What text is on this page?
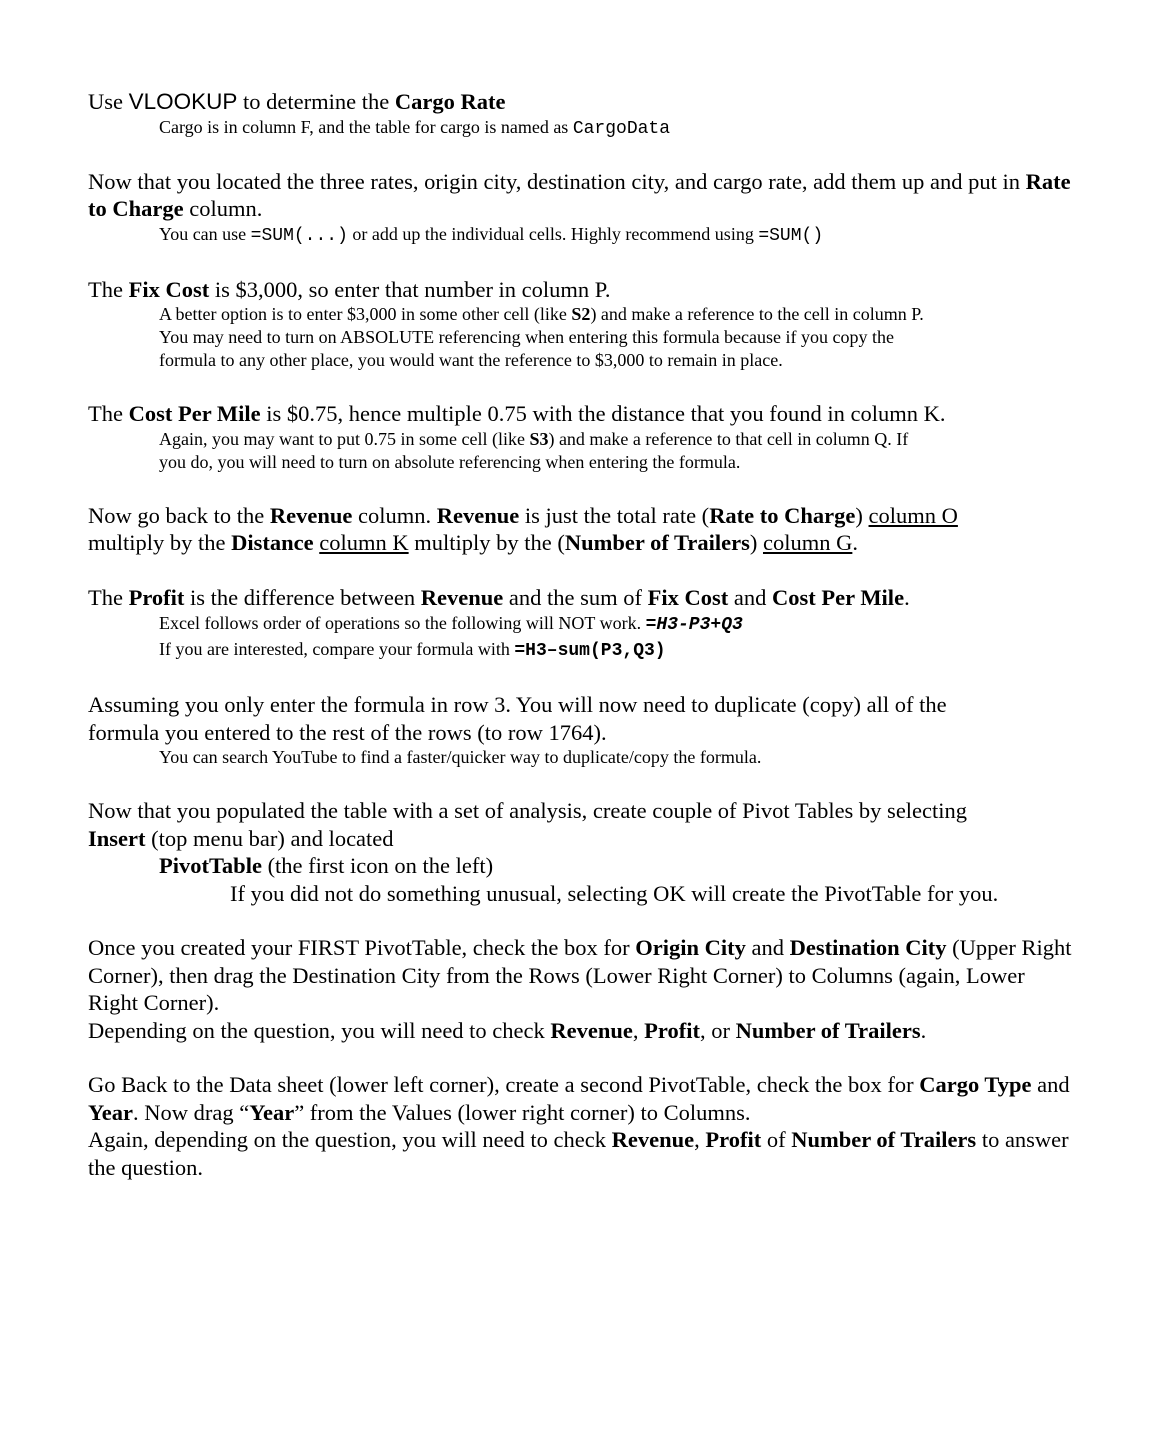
Use VLOOKUP to determine the Cargo Rate
Cargo is in column F, and the table for cargo is named as CargoData
Now that you located the three rates, origin city, destination city, and cargo rate, add them up and put in Rate to Charge column.
You can use =SUM(...) or add up the individual cells. Highly recommend using =SUM()
The Fix Cost is $3,000, so enter that number in column P.
A better option is to enter $3,000 in some other cell (like S2) and make a reference to the cell in column P.
You may need to turn on ABSOLUTE referencing when entering this formula because if you copy the
formula to any other place, you would want the reference to $3,000 to remain in place.
The Cost Per Mile is $0.75, hence multiple 0.75 with the distance that you found in column K.
Again, you may want to put 0.75 in some cell (like S3) and make a reference to that cell in column Q. If
you do, you will need to turn on absolute referencing when entering the formula.
Now go back to the Revenue column. Revenue is just the total rate (Rate to Charge) column O
multiply by the Distance column K multiply by the (Number of Trailers) column G.
The Profit is the difference between Revenue and the sum of Fix Cost and Cost Per Mile.
Excel follows order of operations so the following will NOT work. =H3-P3+Q3
If you are interested, compare your formula with =H3–sum(P3,Q3)
Assuming you only enter the formula in row 3. You will now need to duplicate (copy) all of the
formula you entered to the rest of the rows (to row 1764).
You can search YouTube to find a faster/quicker way to duplicate/copy the formula.
Now that you populated the table with a set of analysis, create couple of Pivot Tables by selecting
Insert (top menu bar) and located
PivotTable (the first icon on the left)
If you did not do something unusual, selecting OK will create the PivotTable for you.
Once you created your FIRST PivotTable, check the box for Origin City and Destination City (Upper Right Corner), then drag the Destination City from the Rows (Lower Right Corner) to Columns (again, Lower Right Corner).
Depending on the question, you will need to check Revenue, Profit, or Number of Trailers.
Go Back to the Data sheet (lower left corner), create a second PivotTable, check the box for Cargo Type and Year. Now drag “Year” from the Values (lower right corner) to Columns.
Again, depending on the question, you will need to check Revenue, Profit of Number of Trailers to answer the question.
